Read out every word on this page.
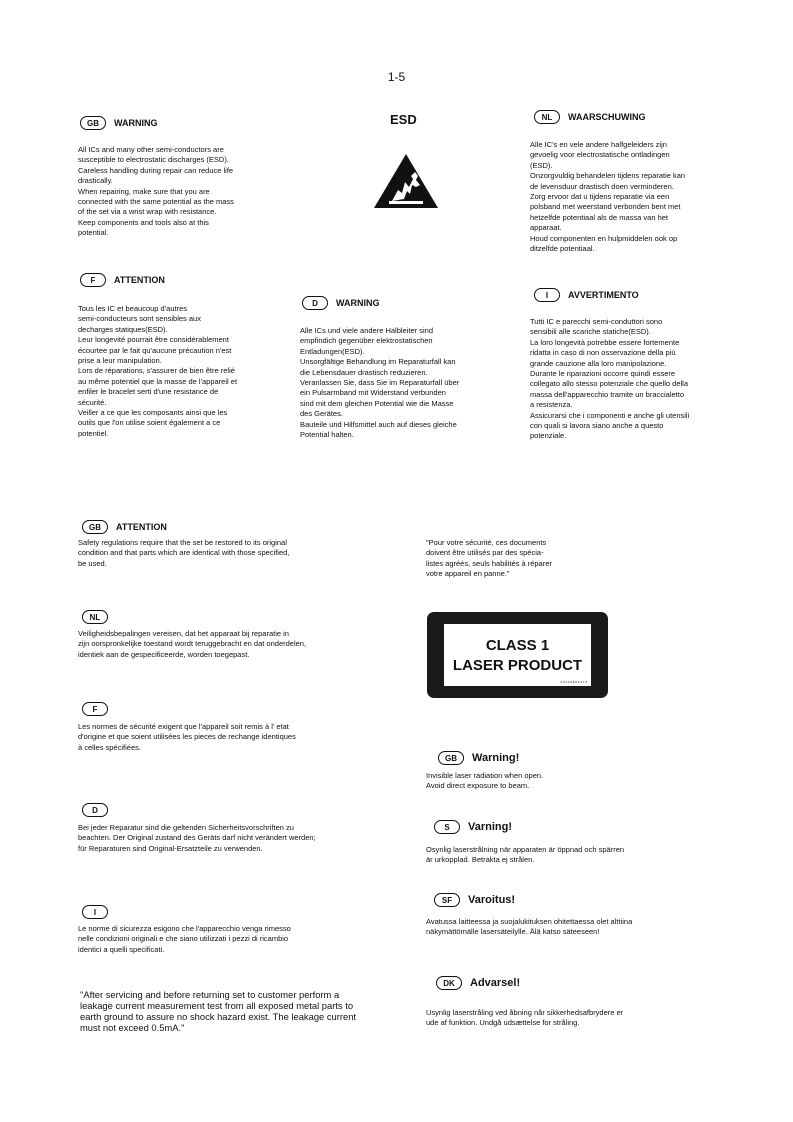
1-5
GB	WARNING
All ICs and many other semi-conductors are
susceptible to electrostatic discharges (ESD).
Careless handling during repair can reduce life
drastically.
When repairing, make sure that you are
connected with the same potential as the mass
of the set via a wrist wrap with resistance.
Keep components and tools also at this
potential.
ESD	NL	WAARSCHUWING
Alle IC's en vele andere halfgeleiders zijn
gevoelig voor electrostatische ontladingen
(ESD).
Onzorgvuldig behandelen tijdens reparatie kan
de levensduur drastisch doen verminderen.
Zorg ervoor dat u tijdens reparatie via een
polsband met weerstand verbonden bent met
hetzelfde potentiaal als de massa van het
apparaat.
Houd componenten en hulpmiddelen ook op
ditzelfde potentiaal.
F	ATTENTION
Tous les IC et beaucoup d'autres
semi-conducteurs sont sensibles aux
decharges statiques(ESD).
Leur longevité pourrait être considérablement
écourtee par le fait qu'aucune précaution n'est
prise a leur manipulation.
Lors de réparations, s'assurer de bien être relié
au même potentiel que la masse de l'appareil et
enfiler le bracelet serti d'une resistance de
sécurité.
Veiller a ce que les composants ainsi que les
outils que l'on utilise soient également a ce
potentiel.
D	WARNING
Alle ICs und viele andere Halbleiter sind
empfindich gegenüber elektrostatischen
Entladungen(ESD).
Unsorgfältige Behandlung im Reparaturfall kan
die Lebensdauer drastisch reduzieren.
Veranlassen Sie, dass Sie im Reparaturfall über
ein Pulsarmband mit Widerstand verbunden
sind mit dem gleichen Potential wie die Masse
des Gerätes.
Bauteile und Hilfsmittel auch auf dieses gleiche
Potential halten.
I	AVVERTIMENTO
Tutti IC e parecchi semi-conduttori sono
sensibili alle scariche statiche(ESD).
La loro longevità potrebbe essere fortemente
ridatta in caso di non osservazione della più
grande cauzione alla loro manipolazione.
Durante le riparazioni occorre quindi essere
collegato allo stesso potenziale che quello della
massa dell'apparecchio tramite un braccialetto
a resistenza.
Assicurarsi che i componenti e anche gli utensili
con quali si lavora siano anche a questo
potenziale.
GB	ATTENTION
Safety regulations require that the set be restored to its original
condition and that parts which are identical with those specified,
be used.
NL
Veiligheidsbepalingen vereisen, dat het apparaat bij reparatie in
zijn oorspronkelijke toestand wordt teruggebracht en dat onderdelen,
identiek aan de gespecificeerde, worden toegepast.
F
Les normes de sécurité exigent que l'appareil soit remis à l' etat
d'origine et que soient utilisées les pieces de rechange identiques
à celles spécifiées.
D
Bei jeder Reparatur sind die geltenden Sicherheitsvorschriften zu
beachten. Der Original zustand des Geräts darf nicht verändert werden;
für Reparaturen sind Original-Ersatzteile zu verwenden.
I
Le norme di sicurezza esigono che l'apparecchio venga rimesso
nelle condizioni originali e che siano utilizzati i pezzi di ricambio
identici a quelli specificati.
"After servicing and before returning set to customer perform a
leakage current measurement test from all exposed metal parts to
earth ground to assure no shock hazard exist. The leakage current
must not exceed 0.5mA."
"Pour votre sécurité, ces documents
doivent être utilisés par des spécia-
listes agréés, seuls habilités à réparer
votre appareil en panne."
CLASS 1
LASER PRODUCT
3 3 2 2 9 5 6 0 4 1 5
GB	Warning!
Invisible laser radiation when open.
Avoid direct exposure to beam.
S	Varning!
Osynlig laserstrålning när apparaten är öppnad och spärren
är urkopplad. Betrakta ej strålen.
SF	Varoitus!
Avatussa laitteessa ja suojalukituksen ohitettaessa olet alttiina
näkymättömälle lasersäteilylle. Älä katso säteeseen!
DK	Advarsel!
Usynlig laserstråling ved åbning når sikkerhedsafbrydere er
ude af funktion. Undgå udsættelse for stråling.
